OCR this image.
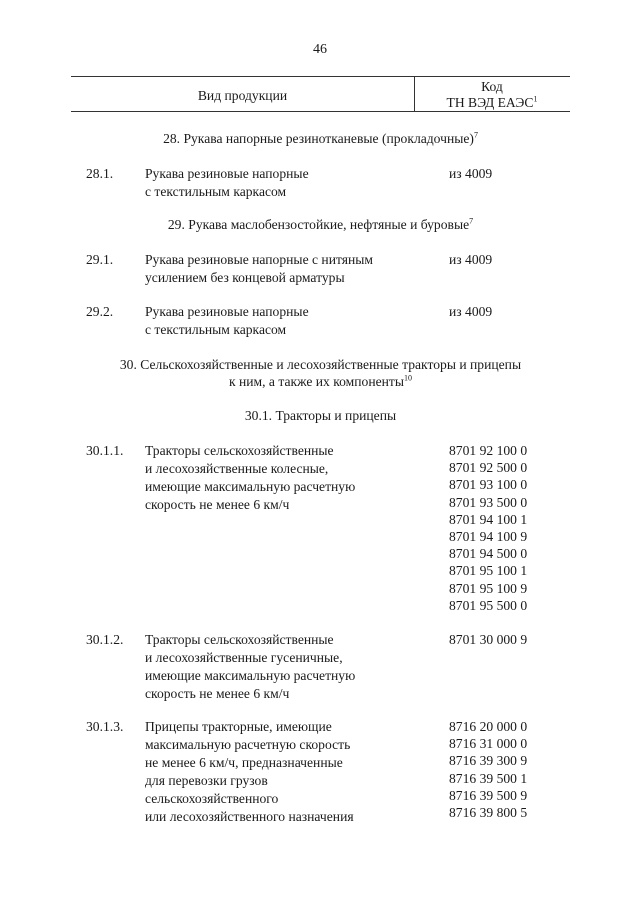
46
Вид продукции
Код
ТН ВЭД ЕАЭС$^1$
28. Рукава напорные резинотканевые (прокладочные)$^7$
28.1. Рукава резиновые напорные
с текстильным каркасом
из 4009
29. Рукава маслобензостойкие, нефтяные и буровые$^7$
29.1. Рукава резиновые напорные с нитяным
усилением без концевой арматуры
из 4009
29.2. Рукава резиновые напорные
с текстильным каркасом
из 4009
30. Сельскохозяйственные и лесохозяйственные тракторы и прицепы
к ним, а также их компоненты$^{10}$
30.1. Тракторы и прицепы
30.1.1. Тракторы сельскохозяйственные
и лесохозяйственные колесные,
имеющие максимальную расчетную
скорость не менее 6 км/ч
8701 92 100 0
8701 92 500 0
8701 93 100 0
8701 93 500 0
8701 94 100 1
8701 94 100 9
8701 94 500 0
8701 95 100 1
8701 95 100 9
8701 95 500 0
30.1.2. Тракторы сельскохозяйственные
и лесохозяйственные гусеничные,
имеющие максимальную расчетную
скорость не менее 6 км/ч
8701 30 000 9
30.1.3. Прицепы тракторные, имеющие
максимальную расчетную скорость
не менее 6 км/ч, предназначенные
для перевозки грузов
сельскохозяйственного
или лесохозяйственного назначения
8716 20 000 0
8716 31 000 0
8716 39 300 9
8716 39 500 1
8716 39 500 9
8716 39 800 5
